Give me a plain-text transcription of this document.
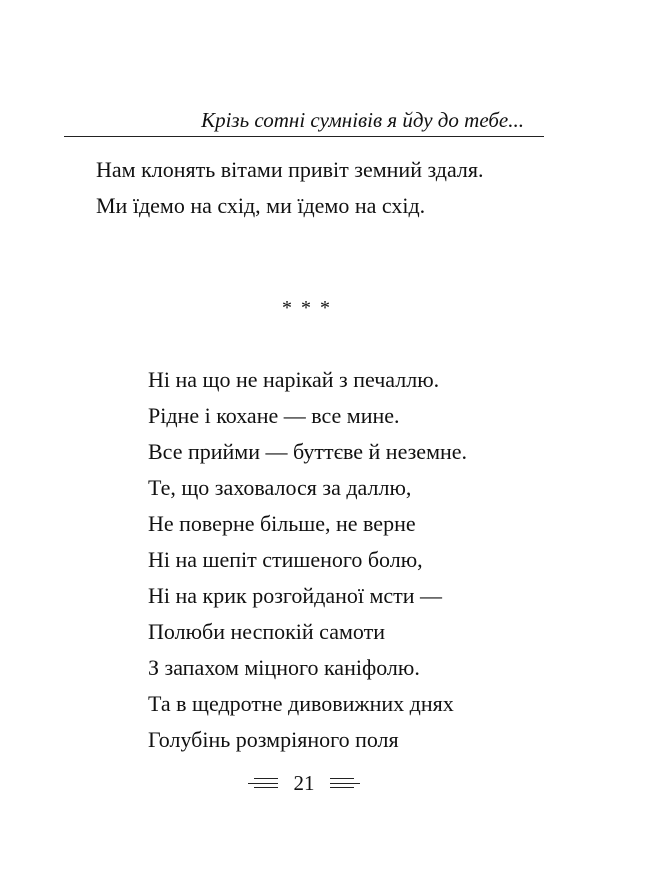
Крізь сотні сумнівів я йду до тебе...
Нам клонять вітами привіт земний здаля.
Ми їдемо на схід, ми їдемо на схід.
* * *
Ні на що не нарікай з печаллю.
Рідне і кохане — все мине.
Все прийми — буттєве й неземне.
Те, що заховалося за даллю,
Не поверне більше, не верне
Ні на шепіт стишеного болю,
Ні на крик розгойданої мсти —
Полюби неспокій самоти
З запахом міцного каніфолю.
Та в щедротне дивовижних днях
Голубінь розмріяного поля
21
